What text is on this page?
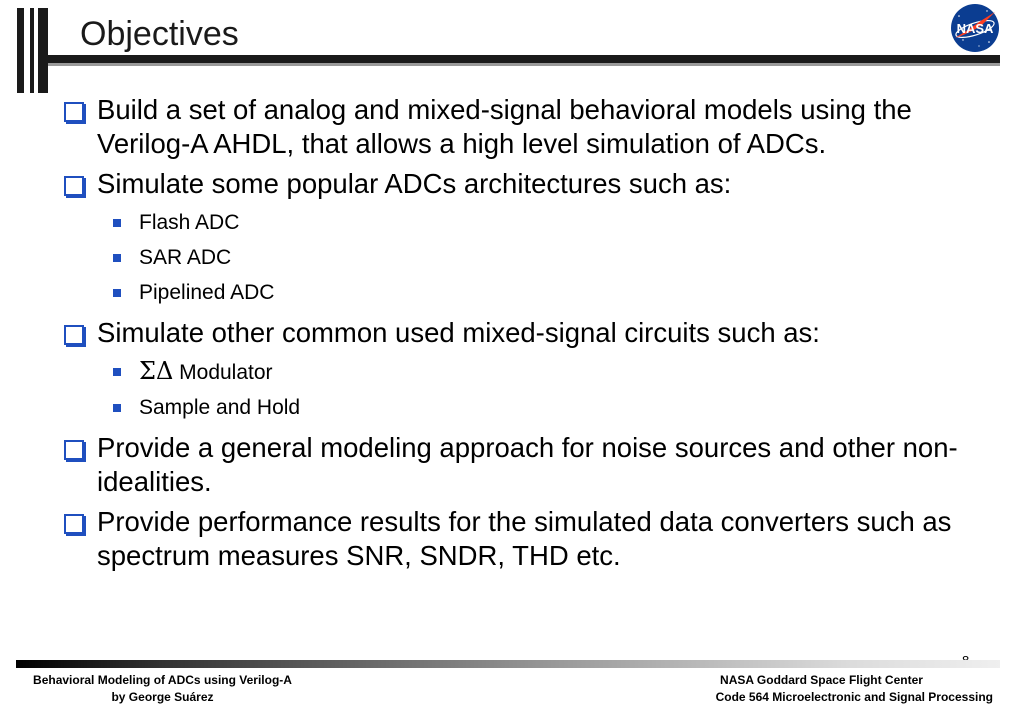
Objectives	NASA
Build a set of analog and mixed-signal behavioral models using the Verilog-A AHDL, that allows a high level simulation of ADCs.
Simulate some popular ADCs architectures such as:
Flash ADC
SAR ADC
Pipelined ADC
Simulate other common used mixed-signal circuits such as:
ΣΔ Modulator
Sample and Hold
Provide a general modeling approach for noise sources and other non-idealities.
Provide performance results for the simulated data converters such as spectrum measures SNR, SNDR, THD etc.
Behavioral Modeling of ADCs using Verilog-A
by George Suárez
NASA Goddard Space Flight Center
Code 564 Microelectronic and Signal Processing
